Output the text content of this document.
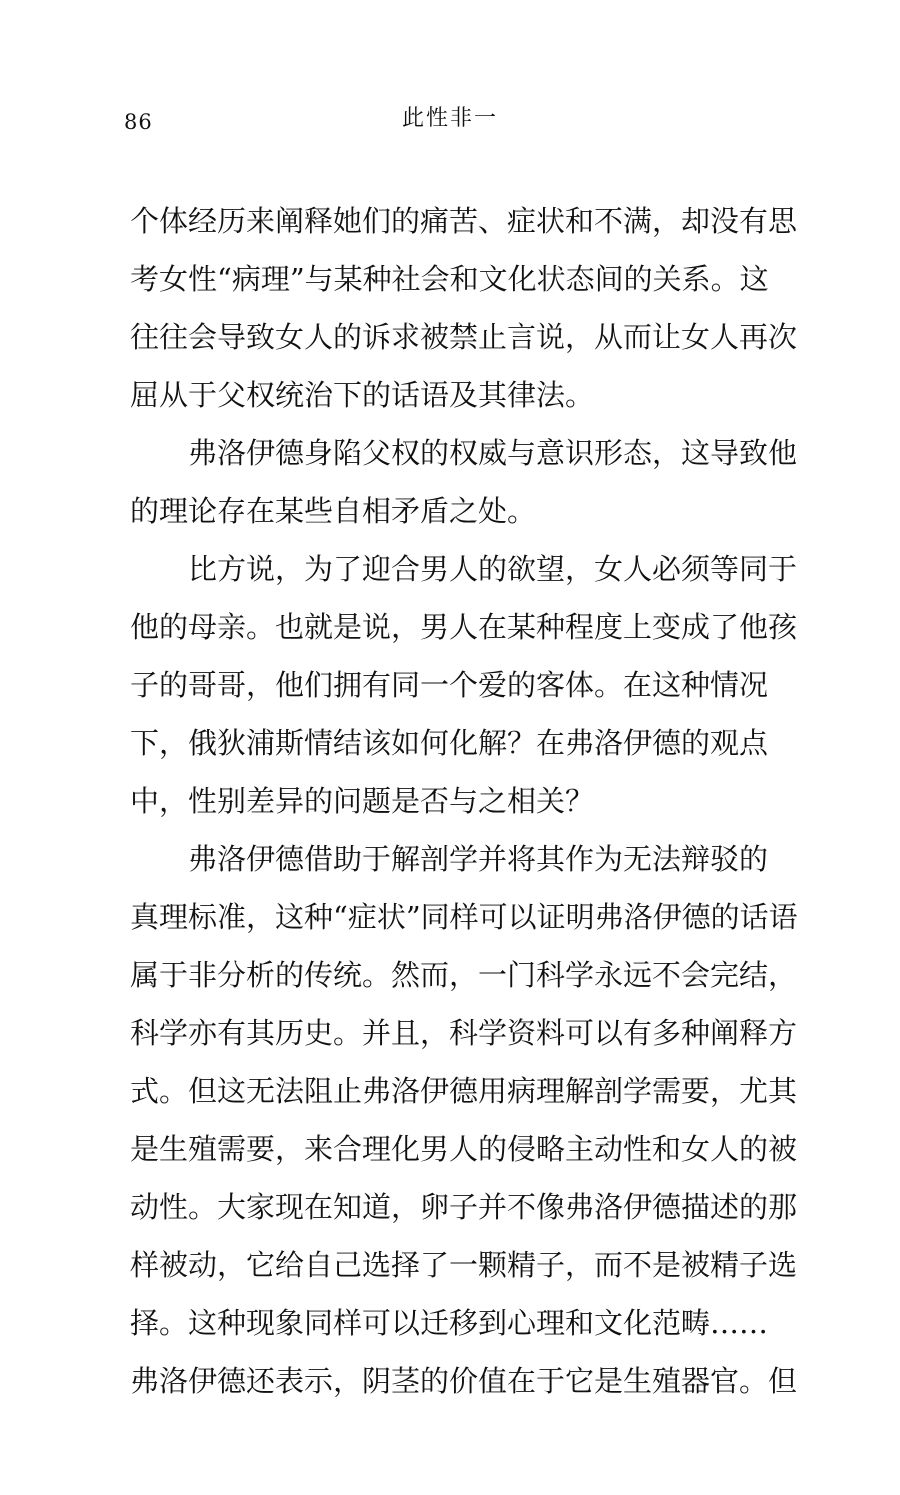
86	此性非一
个体经历来阐释她们的痛苦、症状和不满，却没有思
考女性“病理”与某种社会和文化状态间的关系。这
往往会导致女人的诉求被禁止言说，从而让女人再次
屈从于父权统治下的话语及其律法。
弗洛伊德身陷父权的权威与意识形态，这导致他
的理论存在某些自相矛盾之处。
比方说，为了迎合男人的欲望，女人必须等同于
他的母亲。也就是说，男人在某种程度上变成了他孩
子的哥哥，他们拥有同一个爱的客体。在这种情况
下，俄狄浦斯情结该如何化解？在弗洛伊德的观点
中，性别差异的问题是否与之相关？
弗洛伊德借助于解剖学并将其作为无法辩驳的
真理标准，这种“症状”同样可以证明弗洛伊德的话语
属于非分析的传统。然而，一门科学永远不会完结，
科学亦有其历史。并且，科学资料可以有多种阐释方
式。但这无法阻止弗洛伊德用病理解剖学需要，尤其
是生殖需要，来合理化男人的侵略主动性和女人的被
动性。大家现在知道，卵子并不像弗洛伊德描述的那
样被动，它给自己选择了一颗精子，而不是被精子选
择。这种现象同样可以迁移到心理和文化范畴……
弗洛伊德还表示，阴茎的价值在于它是生殖器官。但
